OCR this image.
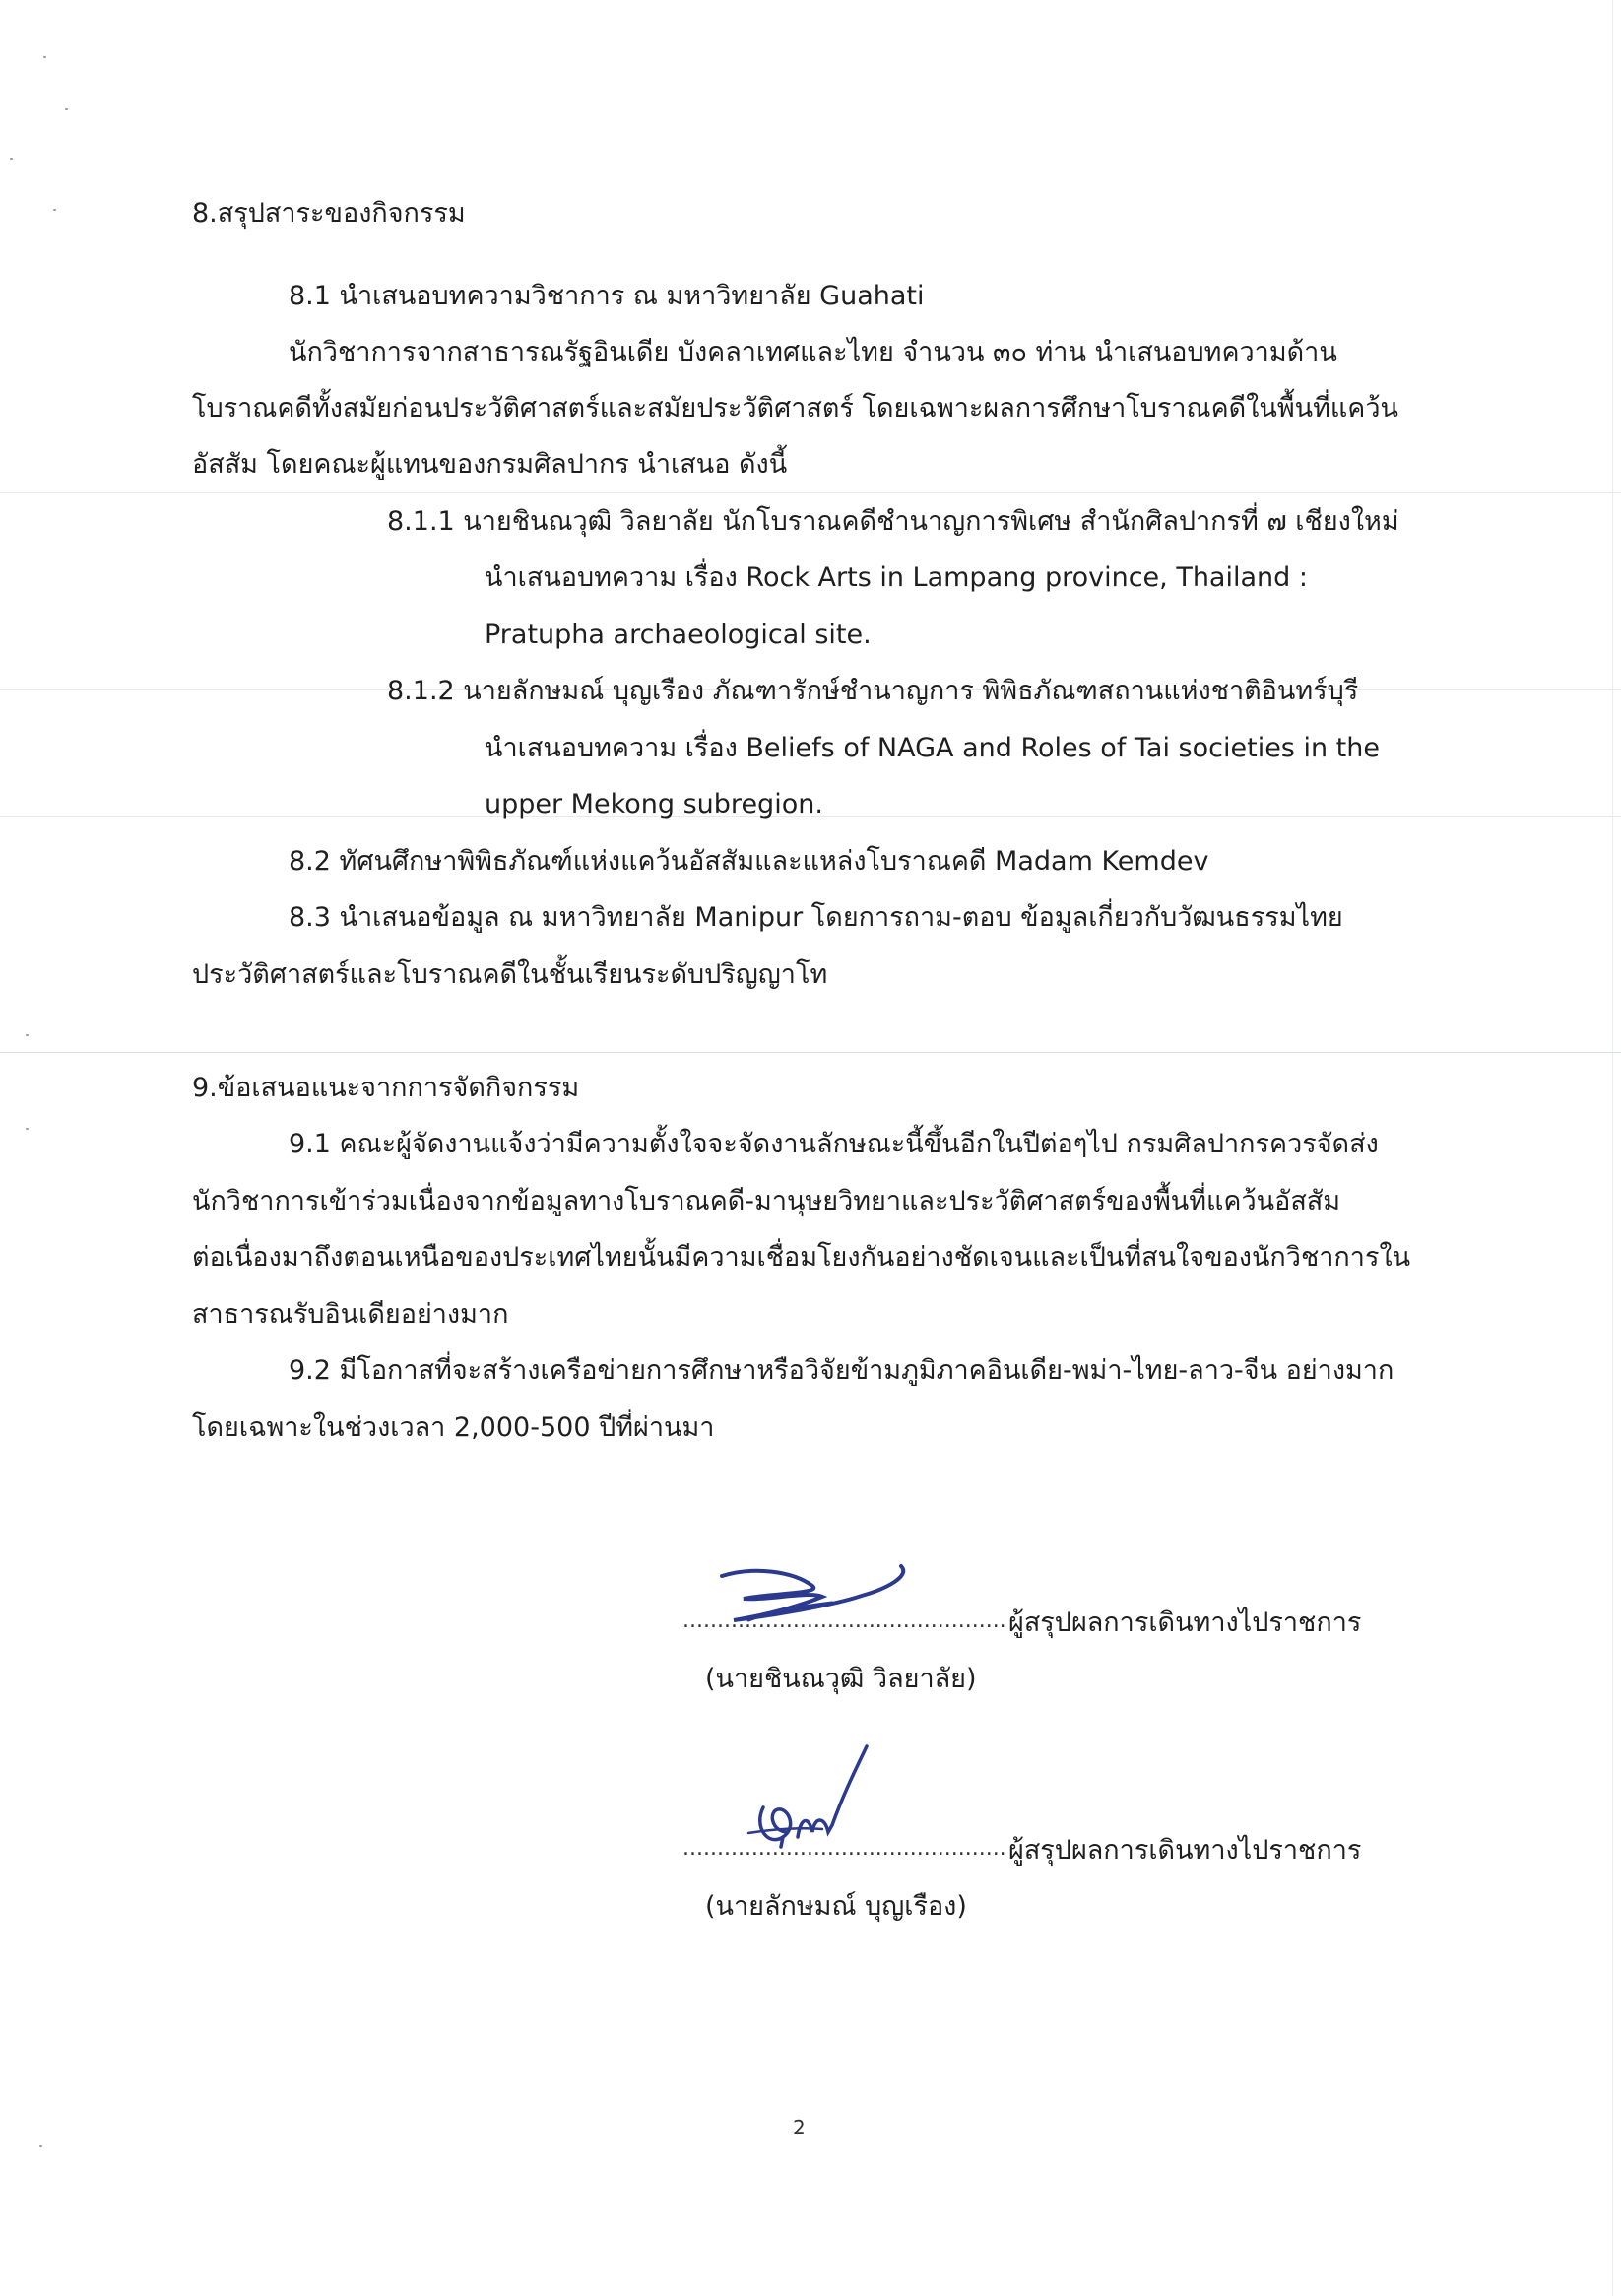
8.สรุปสาระของกิจกรรม
8.1 นำเสนอบทความวิชาการ ณ มหาวิทยาลัย Guahati
นักวิชาการจากสาธารณรัฐอินเดีย บังคลาเทศและไทย จำนวน ๓๐ ท่าน นำเสนอบทความด้าน
โบราณคดีทั้งสมัยก่อนประวัติศาสตร์และสมัยประวัติศาสตร์ โดยเฉพาะผลการศึกษาโบราณคดีในพื้นที่แคว้น
อัสสัม โดยคณะผู้แทนของกรมศิลปากร นำเสนอ ดังนี้
8.1.1 นายชินณวุฒิ วิลยาลัย นักโบราณคดีชำนาญการพิเศษ สำนักศิลปากรที่ ๗ เชียงใหม่
นำเสนอบทความ เรื่อง Rock Arts in Lampang province, Thailand :
Pratupha archaeological site.
8.1.2 นายลักษมณ์ บุญเรือง ภัณฑารักษ์ชำนาญการ พิพิธภัณฑสถานแห่งชาติอินทร์บุรี
นำเสนอบทความ เรื่อง Beliefs of NAGA and Roles of Tai societies in the
upper Mekong subregion.
8.2 ทัศนศึกษาพิพิธภัณฑ์แห่งแคว้นอัสสัมและแหล่งโบราณคดี Madam Kemdev
8.3 นำเสนอข้อมูล ณ มหาวิทยาลัย Manipur โดยการถาม-ตอบ ข้อมูลเกี่ยวกับวัฒนธรรมไทย
ประวัติศาสตร์และโบราณคดีในชั้นเรียนระดับปริญญาโท
9.ข้อเสนอแนะจากการจัดกิจกรรม
9.1 คณะผู้จัดงานแจ้งว่ามีความตั้งใจจะจัดงานลักษณะนี้ขึ้นอีกในปีต่อๆไป กรมศิลปากรควรจัดส่ง
นักวิชาการเข้าร่วมเนื่องจากข้อมูลทางโบราณคดี-มานุษยวิทยาและประวัติศาสตร์ของพื้นที่แคว้นอัสสัม
ต่อเนื่องมาถึงตอนเหนือของประเทศไทยนั้นมีความเชื่อมโยงกันอย่างชัดเจนและเป็นที่สนใจของนักวิชาการใน
สาธารณรับอินเดียอย่างมาก
9.2 มีโอกาสที่จะสร้างเครือข่ายการศึกษาหรือวิจัยข้ามภูมิภาคอินเดีย-พม่า-ไทย-ลาว-จีน อย่างมาก
โดยเฉพาะในช่วงเวลา 2,000-500 ปีที่ผ่านมา
............................................... ผู้สรุปผลการเดินทางไปราชการ
(นายชินณวุฒิ วิลยาลัย)
............................................... ผู้สรุปผลการเดินทางไปราชการ
(นายลักษมณ์ บุญเรือง)
2
